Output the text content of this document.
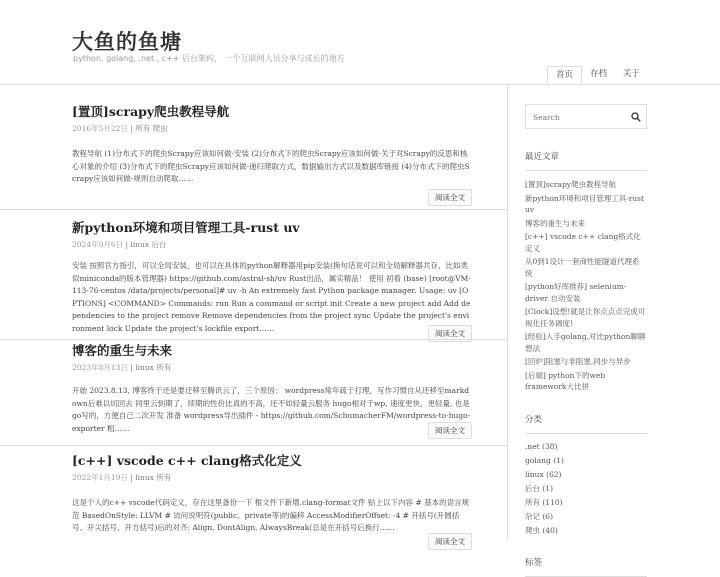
大鱼的鱼塘
python, golang, .net , c++ 后台架构， 一个互联网人员分享与成长的地方
首页	存档	关于
[置顶]scrapy爬虫教程导航
2016年5月22日 | 所有 爬虫
教程导航 (1)分布式下的爬虫Scrapy应该如何做-安装 (2)分布式下的爬虫Scrapy应该如何做-关于对Scrapy的反思和核心对象的介绍 (3)分布式下的爬虫Scrapy应该如何做-递归爬取方式，数据输出方式以及数据库链接 (4)分布式下的爬虫Scrapy应该如何做-规则自动爬取……
阅读全文
新python环境和项目管理工具-rust uv
2024年9月6日 | linux 后台
安装 按照官方指引，可以全局安装，也可以在具体的python解释器用pip安装(换句话说可以和全局解释器共存，比如类似miniconda的版本管理器) https://github.com/astral-sh/uv Rust出品，属实精品！ 使用 初看 (base) [root@VM-113-76-centos /data/projects/personal]# uv -h An extremely fast Python package manager. Usage: uv [OPTIONS] <COMMAND> Commands: run Run a command or script init Create a new project add Add dependencies to the project remove Remove dependencies from the project sync Update the project's environment lock Update the project's lockfile export……
阅读全文
博客的重生与未来
2023年8月13日 | linux 所有
开始 2023.8.13, 博客终于还是要迁移至腾讯云了，三个原因： wordpress常年疏于打理，写作习惯自从还移至markdown后难以切回去 同里云到期了，续期的性价比真的不高，还不如轻量云服务 hugo相对于wp, 速度更快，更轻量, 也是go写的，方便自己二次开发 准备 wordpress导出插件 - https://github.com/SchumacherFM/wordpress-to-hugo-exporter 粗……	阅读全文
[c++] vscode c++ clang格式化定义
2022年1月19日 | linux 所有
这是个人的c++ vscode代码定义，存在这里备份一下 根文件下新增.clang-format文件 贴上以下内容 # 基本的语言规范 BasedOnStyle: LLVM # 访问说明符(public、private等)的偏移 AccessModifierOffset: -4 # 开括号(开圆括号、开尖括号、开方括号)后的对齐: Align, DontAlign, AlwaysBreak(总是在开括号后换行……
阅读全文
Search
最近文章
[置顶]scrapy爬虫教程导航
新python环境和项目管理工具-rust uv
博客的重生与未来
[c++] vscode c++ clang格式化定义
从0到1设计一套商性能隧道代理系统
[python好库推荐] selenium-driver 自动安装
[Clock]设想!就是让你点点点完成可视化任务调度!
[经验]入手golang,对比python聊聊想法
[回炉]阻塞与非阻塞,同步与异步
[后端] python下的web framework大比拼
分类
.net (38)
golang (1)
linux (62)
后台 (1)
所有 (110)
杂记 (6)
爬虫 (40)
标签
